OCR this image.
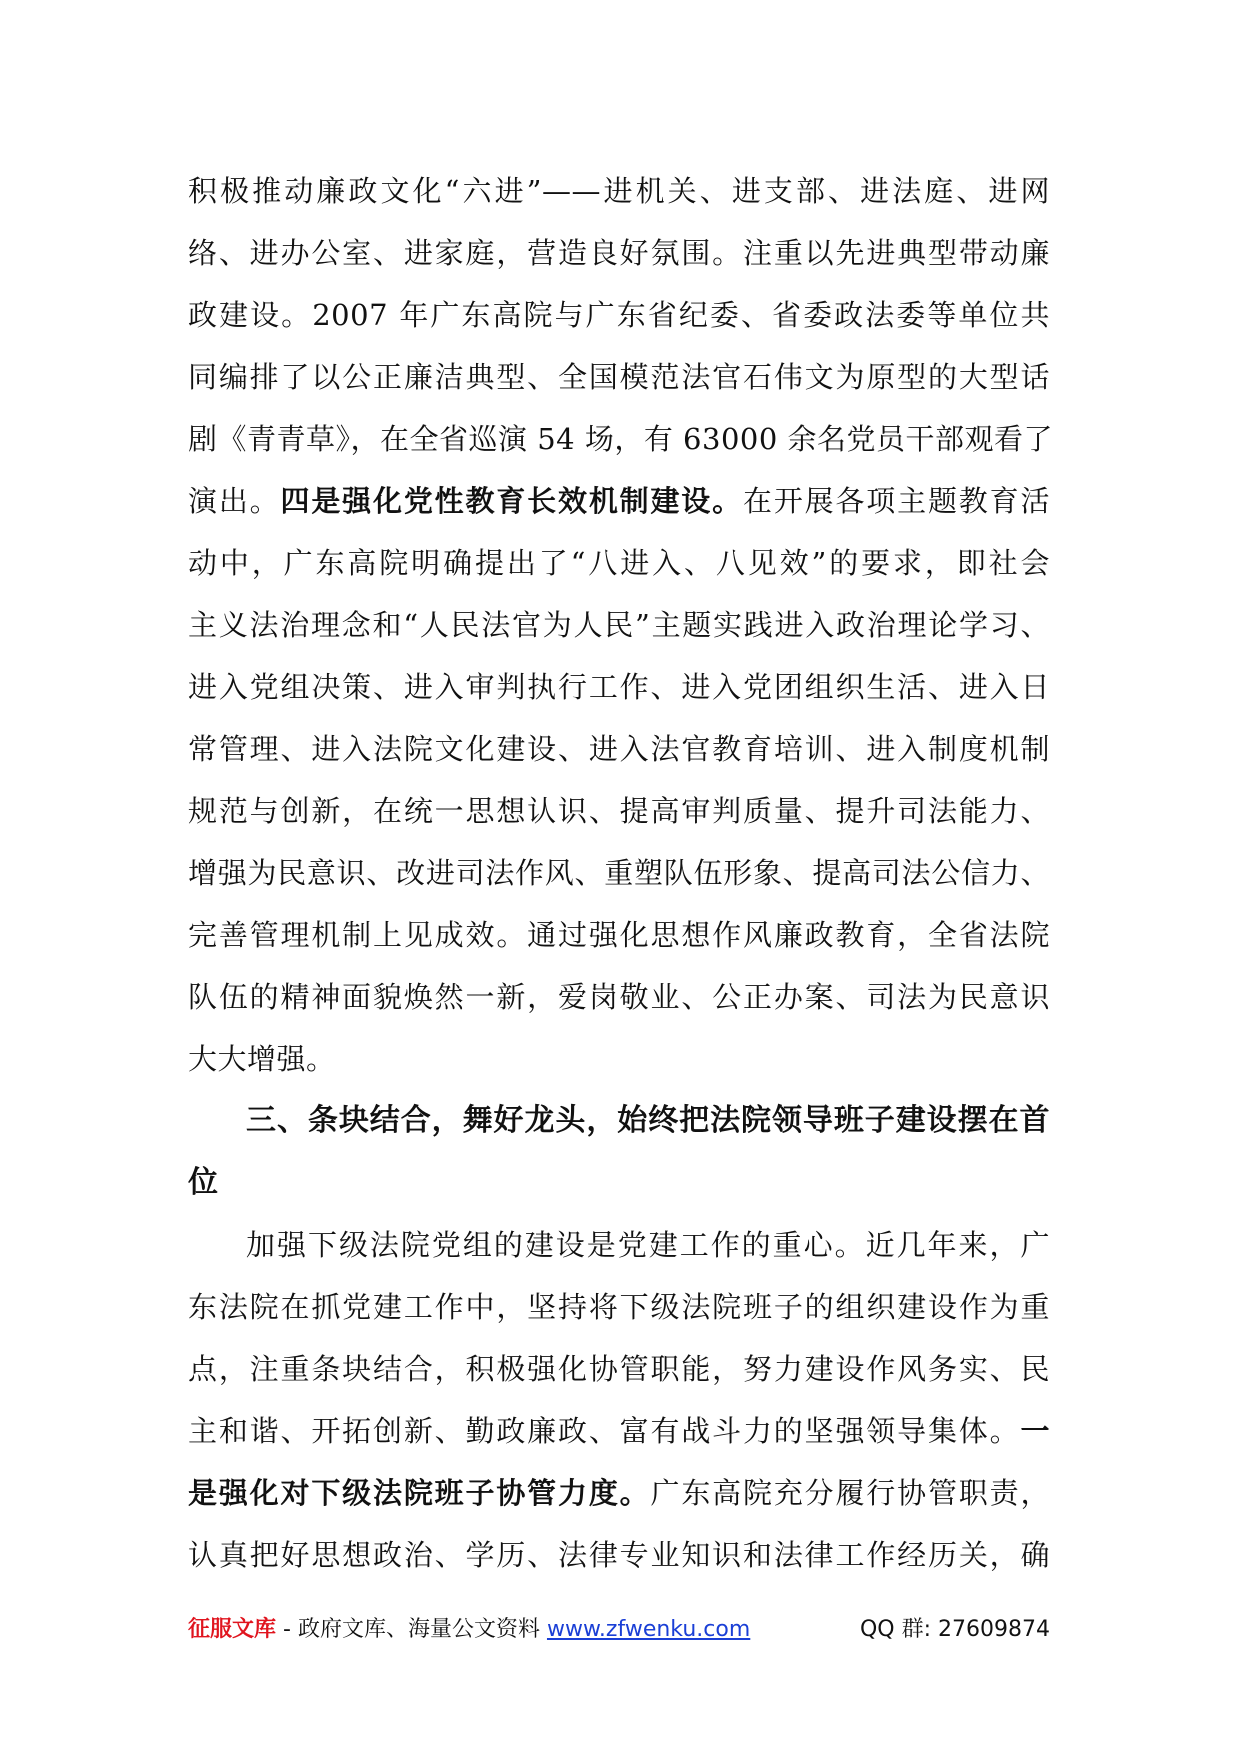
积极推动廉政文化“六进”——进机关、进支部、进法庭、进网
络、进办公室、进家庭，营造良好氛围。注重以先进典型带动廉
政建设。2007 年广东高院与广东省纪委、省委政法委等单位共
同编排了以公正廉洁典型、全国模范法官石伟文为原型的大型话
剧《青青草》，在全省巡演 54 场，有 63000 余名党员干部观看了
演出。四是强化党性教育长效机制建设。在开展各项主题教育活
动中，广东高院明确提出了“八进入、八见效”的要求，即社会
主义法治理念和“人民法官为人民”主题实践进入政治理论学习、
进入党组决策、进入审判执行工作、进入党团组织生活、进入日
常管理、进入法院文化建设、进入法官教育培训、进入制度机制
规范与创新，在统一思想认识、提高审判质量、提升司法能力、
增强为民意识、改进司法作风、重塑队伍形象、提高司法公信力、
完善管理机制上见成效。通过强化思想作风廉政教育，全省法院
队伍的精神面貌焕然一新，爱岗敬业、公正办案、司法为民意识
大大增强。
三、条块结合，舞好龙头，始终把法院领导班子建设摆在首
位
加强下级法院党组的建设是党建工作的重心。近几年来，广
东法院在抓党建工作中，坚持将下级法院班子的组织建设作为重
点，注重条块结合，积极强化协管职能，努力建设作风务实、民
主和谐、开拓创新、勤政廉政、富有战斗力的坚强领导集体。一
是强化对下级法院班子协管力度。广东高院充分履行协管职责，
认真把好思想政治、学历、法律专业知识和法律工作经历关，确
征服文库 - 政府文库、海量公文资料 www.zfwenku.com	QQ 群: 27609874
